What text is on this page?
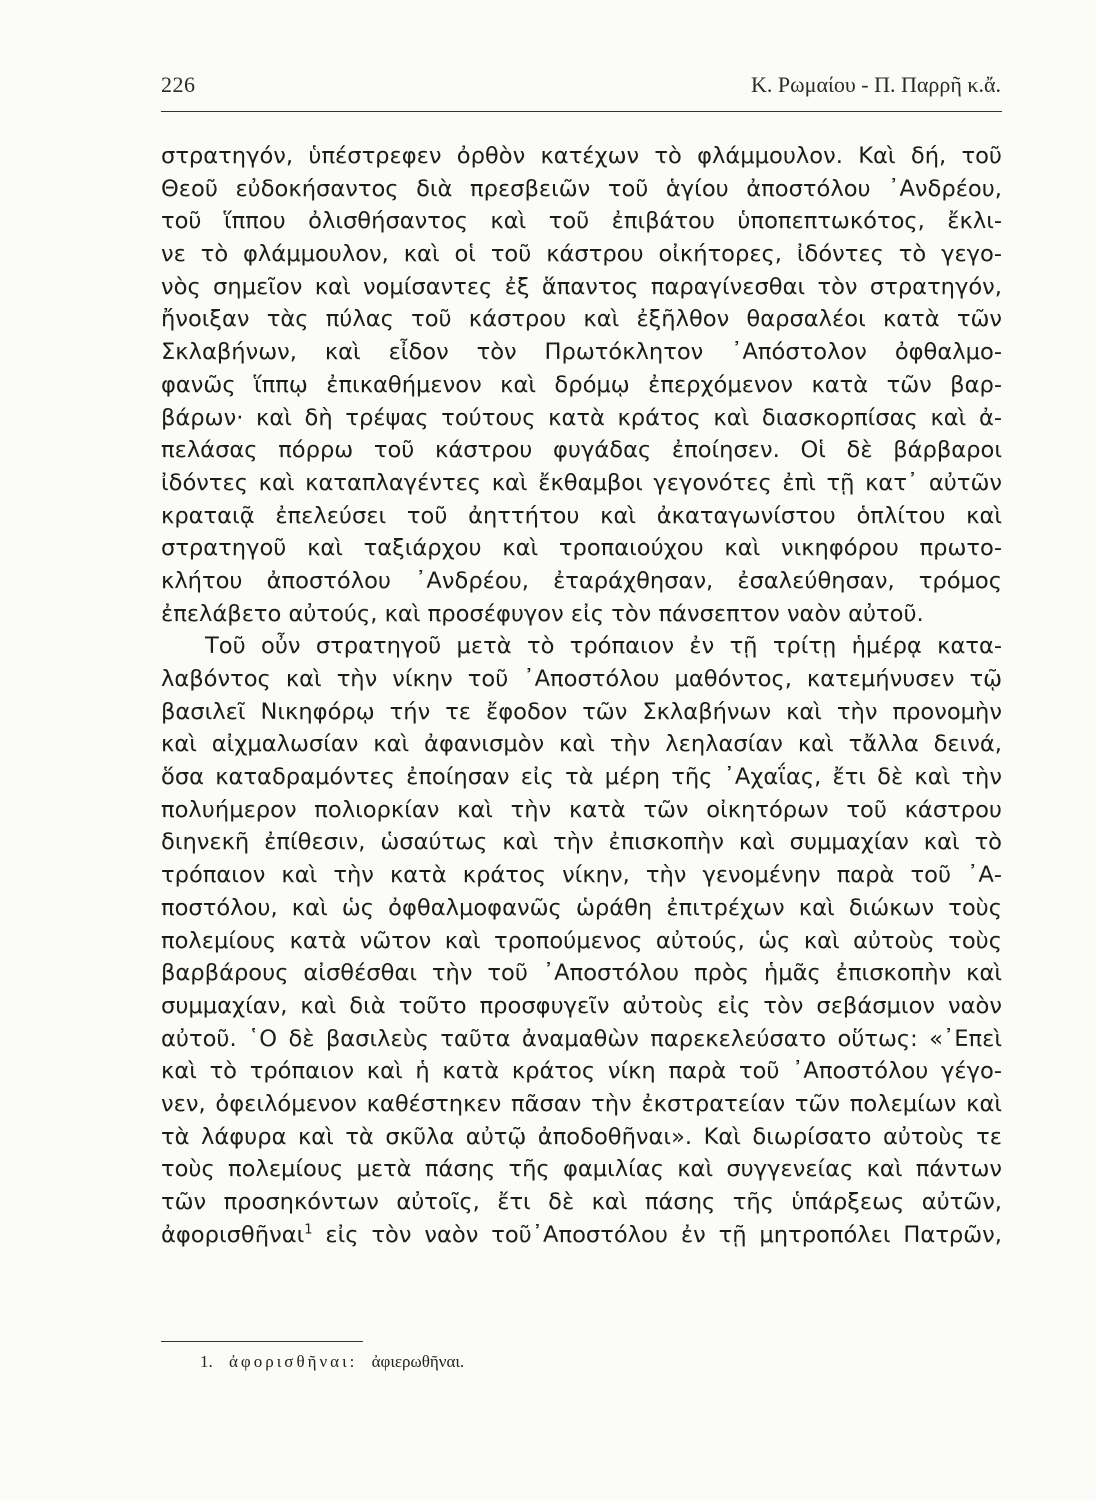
226	Κ. Ρωμαίου - Π. Παρρῆ κ.ἄ.
στρατηγόν, ὑπέστρεφεν ὀρθὸν κατέχων τὸ φλάμμουλον. Καὶ δή, τοῦ
Θεοῦ εὐδοκήσαντος διὰ πρεσβειῶν τοῦ ἁγίου ἀποστόλου ᾿Ανδρέου,
τοῦ ἵππου ὀλισθήσαντος καὶ τοῦ ἐπιβάτου ὑποπεπτωκότος, ἔκλι-
νε τὸ φλάμμουλον, καὶ οἱ τοῦ κάστρου οἰκήτορες, ἰδόντες τὸ γεγο-
νὸς σημεῖον καὶ νομίσαντες ἐξ ἅπαντος παραγίνεσθαι τὸν στρατηγόν,
ἤνοιξαν τὰς πύλας τοῦ κάστρου καὶ ἐξῆλθον θαρσαλέοι κατὰ τῶν
Σκλαβήνων, καὶ εἶδον τὸν Πρωτόκλητον ᾿Απόστολον ὀφθαλμο-
φανῶς ἵππῳ ἐπικαθήμενον καὶ δρόμῳ ἐπερχόμενον κατὰ τῶν βαρ-
βάρων· καὶ δὴ τρέψας τούτους κατὰ κράτος καὶ διασκορπίσας καὶ ἀ-
πελάσας πόρρω τοῦ κάστρου φυγάδας ἐποίησεν. Οἱ δὲ βάρβαροι
ἰδόντες καὶ καταπλαγέντες καὶ ἔκθαμβοι γεγονότες ἐπὶ τῇ κατ᾿ αὐτῶν
κραταιᾷ ἐπελεύσει τοῦ ἀηττήτου καὶ ἀκαταγωνίστου ὁπλίτου καὶ
στρατηγοῦ καὶ ταξιάρχου καὶ τροπαιούχου καὶ νικηφόρου πρωτο-
κλήτου ἀποστόλου ᾿Ανδρέου, ἐταράχθησαν, ἐσαλεύθησαν, τρόμος
ἐπελάβετο αὐτούς, καὶ προσέφυγον εἰς τὸν πάνσεπτον ναὸν αὐτοῦ.
Τοῦ οὖν στρατηγοῦ μετὰ τὸ τρόπαιον ἐν τῇ τρίτῃ ἡμέρᾳ κατα-
λαβόντος καὶ τὴν νίκην τοῦ ᾿Αποστόλου μαθόντος, κατεμήνυσεν τῷ
βασιλεῖ Νικηφόρῳ τήν τε ἔφοδον τῶν Σκλαβήνων καὶ τὴν προνομὴν
καὶ αἰχμαλωσίαν καὶ ἀφανισμὸν καὶ τὴν λεηλασίαν καὶ τἄλλα δεινά,
ὅσα καταδραμόντες ἐποίησαν εἰς τὰ μέρη τῆς ᾿Αχαΐας, ἔτι δὲ καὶ τὴν
πολυήμερον πολιορκίαν καὶ τὴν κατὰ τῶν οἰκητόρων τοῦ κάστρου
διηνεκῆ ἐπίθεσιν, ὡσαύτως καὶ τὴν ἐπισκοπὴν καὶ συμμαχίαν καὶ τὸ
τρόπαιον καὶ τὴν κατὰ κράτος νίκην, τὴν γενομένην παρὰ τοῦ ᾿Α-
ποστόλου, καὶ ὡς ὀφθαλμοφανῶς ὡράθη ἐπιτρέχων καὶ διώκων τοὺς
πολεμίους κατὰ νῶτον καὶ τροπούμενος αὐτούς, ὡς καὶ αὐτοὺς τοὺς
βαρβάρους αἰσθέσθαι τὴν τοῦ ᾿Αποστόλου πρὸς ἡμᾶς ἐπισκοπὴν καὶ
συμμαχίαν, καὶ διὰ τοῦτο προσφυγεῖν αὐτοὺς εἰς τὸν σεβάσμιον ναὸν
αὐτοῦ. ῾Ο δὲ βασιλεὺς ταῦτα ἀναμαθὼν παρεκελεύσατο οὕτως: «᾿Επεὶ
καὶ τὸ τρόπαιον καὶ ἡ κατὰ κράτος νίκη παρὰ τοῦ ᾿Αποστόλου γέγο-
νεν, ὀφειλόμενον καθέστηκεν πᾶσαν τὴν ἐκστρατείαν τῶν πολεμίων καὶ
τὰ λάφυρα καὶ τὰ σκῦλα αὐτῷ ἀποδοθῆναι». Καὶ διωρίσατο αὐτοὺς τε
τοὺς πολεμίους μετὰ πάσης τῆς φαμιλίας καὶ συγγενείας καὶ πάντων
τῶν προσηκόντων αὐτοῖς, ἔτι δὲ καὶ πάσης τῆς ὑπάρξεως αὐτῶν,
ἀφορισθῆναι$^1$ εἰς τὸν ναὸν τοῦ᾿Αποστόλου ἐν τῇ μητροπόλει Πατρῶν,
1. ἀφορισθῆναι: ἀφιερωθῆναι.
